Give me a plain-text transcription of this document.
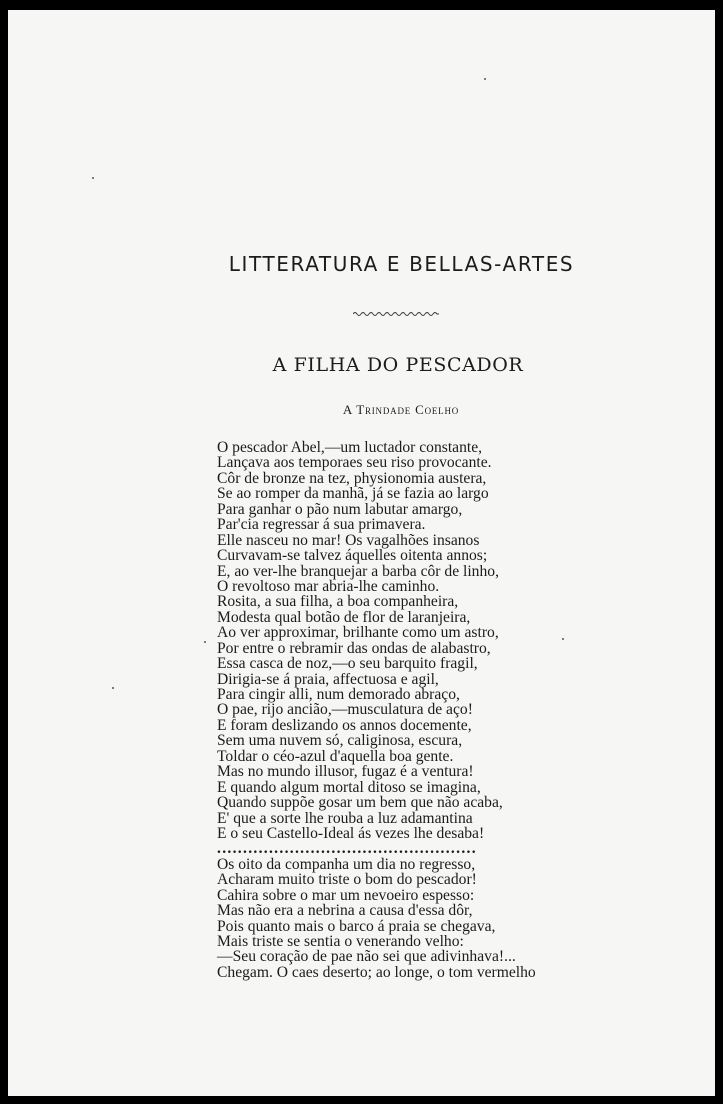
LITTERATURA E BELLAS-ARTES
A FILHA DO PESCADOR
A Trindade Coelho
O pescador Abel,—um luctador constante,
Lançava aos temporaes seu riso provocante.
Côr de bronze na tez, physionomia austera,
Se ao romper da manhã, já se fazia ao largo
Para ganhar o pão num labutar amargo,
Par'cia regressar á sua primavera.
Elle nasceu no mar! Os vagalhões insanos
Curvavam-se talvez áquelles oitenta annos;
E, ao ver-lhe branquejar a barba côr de linho,
O revoltoso mar abria-lhe caminho.
Rosita, a sua filha, a boa companheira,
Modesta qual botão de flor de laranjeira,
Ao ver approximar, brilhante como um astro,
Por entre o rebramir das ondas de alabastro,
Essa casca de noz,—o seu barquito fragil,
Dirigia-se á praia, affectuosa e agil,
Para cingir alli, num demorado abraço,
O pae, rijo ancião,—musculatura de aço!
E foram deslizando os annos docemente,
Sem uma nuvem só, caliginosa, escura,
Toldar o céo-azul d'aquella boa gente.
Mas no mundo illusor, fugaz é a ventura!
E quando algum mortal ditoso se imagina,
Quando suppõe gosar um bem que não acaba,
E' que a sorte lhe rouba a luz adamantina
E o seu Castello-Ideal ás vezes lhe desaba!
..................................................
Os oito da companha um dia no regresso,
Acharam muito triste o bom do pescador!
Cahira sobre o mar um nevoeiro espesso:
Mas não era a nebrina a causa d'essa dôr,
Pois quanto mais o barco á praia se chegava,
Mais triste se sentia o venerando velho:
—Seu coração de pae não sei que adivinhava!...
Chegam. O caes deserto; ao longe, o tom vermelho
